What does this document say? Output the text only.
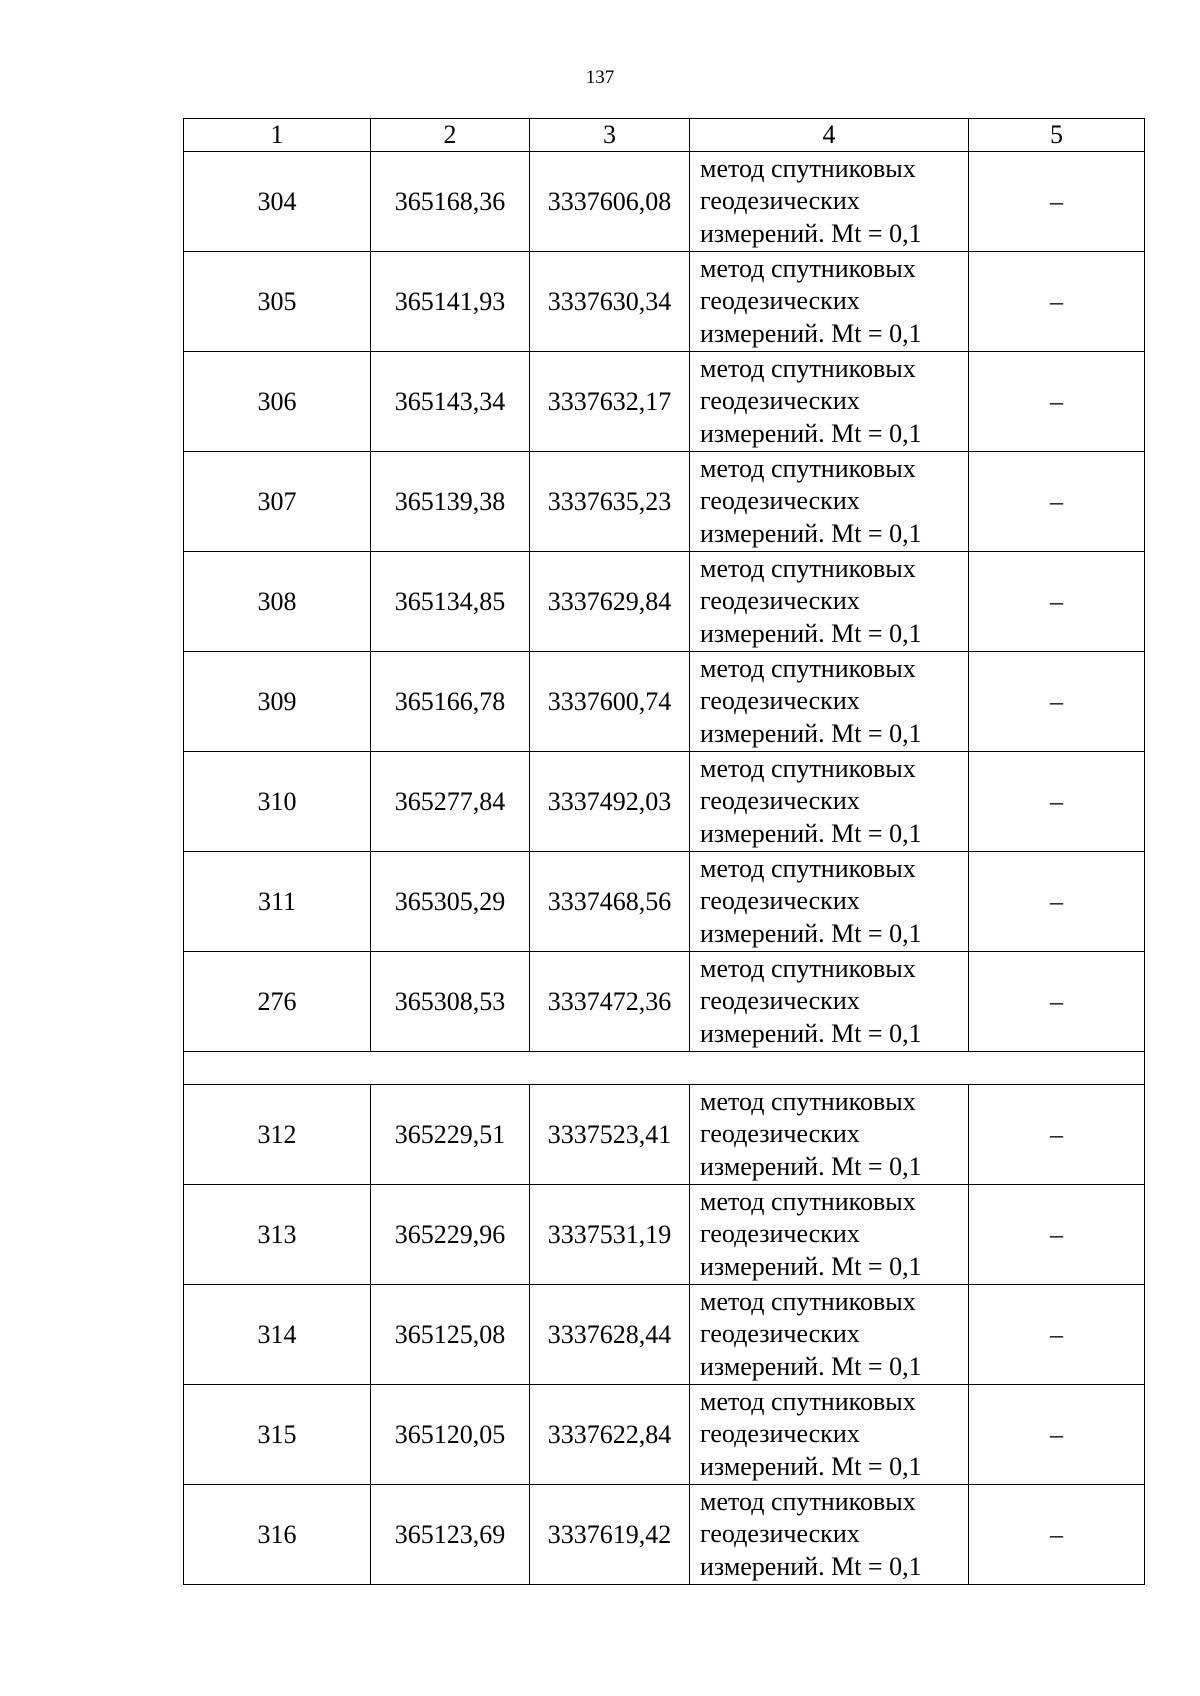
137
1	2	3	4	5
304	365168,36	3337606,08	метод спутниковых
геодезических
измерений. Mt = 0,1	–
305	365141,93	3337630,34	метод спутниковых
геодезических
измерений. Mt = 0,1	–
306	365143,34	3337632,17	метод спутниковых
геодезических
измерений. Mt = 0,1	–
307	365139,38	3337635,23	метод спутниковых
геодезических
измерений. Mt = 0,1	–
308	365134,85	3337629,84	метод спутниковых
геодезических
измерений. Mt = 0,1	–
309	365166,78	3337600,74	метод спутниковых
геодезических
измерений. Mt = 0,1	–
310	365277,84	3337492,03	метод спутниковых
геодезических
измерений. Mt = 0,1	–
311	365305,29	3337468,56	метод спутниковых
геодезических
измерений. Mt = 0,1	–
276	365308,53	3337472,36	метод спутниковых
геодезических
измерений. Mt = 0,1	–

312	365229,51	3337523,41	метод спутниковых
геодезических
измерений. Mt = 0,1	–
313	365229,96	3337531,19	метод спутниковых
геодезических
измерений. Mt = 0,1	–
314	365125,08	3337628,44	метод спутниковых
геодезических
измерений. Mt = 0,1	–
315	365120,05	3337622,84	метод спутниковых
геодезических
измерений. Mt = 0,1	–
316	365123,69	3337619,42	метод спутниковых
геодезических
измерений. Mt = 0,1	–
